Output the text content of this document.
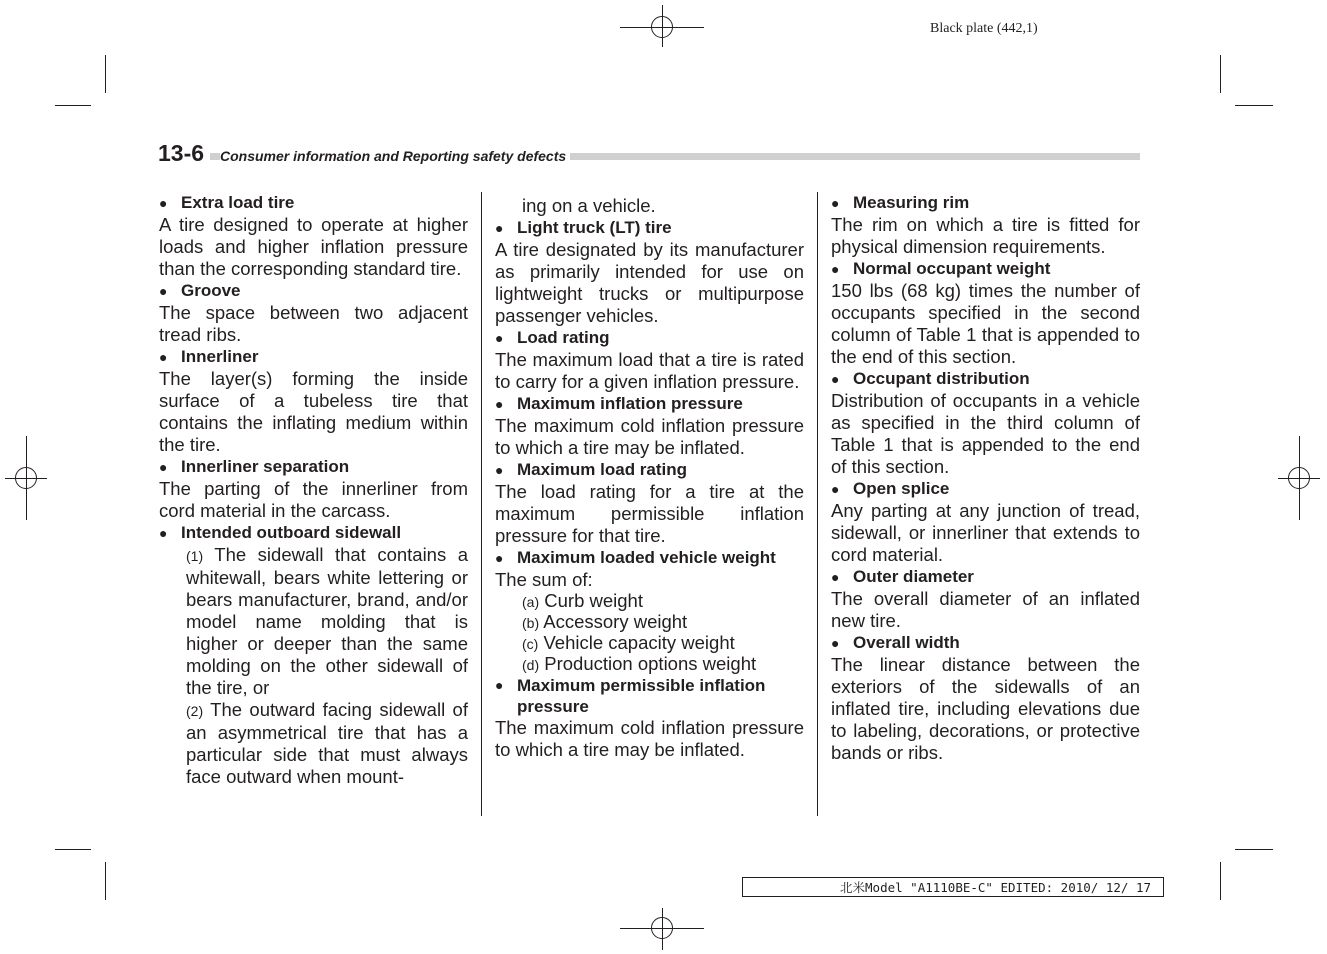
Black plate (442,1)
13-6	Consumer information and Reporting safety defects
● Extra load tire
A tire designed to operate at higher loads and higher inflation pressure than the corresponding standard tire.
● Groove
The space between two adjacent tread ribs.
● Innerliner
The layer(s) forming the inside surface of a tubeless tire that contains the inflating medium within the tire.
● Innerliner separation
The parting of the innerliner from cord material in the carcass.
● Intended outboard sidewall
(1) The sidewall that contains a whitewall, bears white lettering or bears manufacturer, brand, and/or model name molding that is higher or deeper than the same molding on the other sidewall of the tire, or
(2) The outward facing sidewall of an asymmetrical tire that has a particular side that must always face outward when mount-
ing on a vehicle.
● Light truck (LT) tire
A tire designated by its manufacturer as primarily intended for use on lightweight trucks or multipurpose passenger vehicles.
● Load rating
The maximum load that a tire is rated to carry for a given inflation pressure.
● Maximum inflation pressure
The maximum cold inflation pressure to which a tire may be inflated.
● Maximum load rating
The load rating for a tire at the maximum permissible inflation pressure for that tire.
● Maximum loaded vehicle weight
The sum of:
(a) Curb weight
(b) Accessory weight
(c) Vehicle capacity weight
(d) Production options weight
● Maximum permissible inflation pressure
The maximum cold inflation pressure to which a tire may be inflated.
● Measuring rim
The rim on which a tire is fitted for physical dimension requirements.
● Normal occupant weight
150 lbs (68 kg) times the number of occupants specified in the second column of Table 1 that is appended to the end of this section.
● Occupant distribution
Distribution of occupants in a vehicle as specified in the third column of Table 1 that is appended to the end of this section.
● Open splice
Any parting at any junction of tread, sidewall, or innerliner that extends to cord material.
● Outer diameter
The overall diameter of an inflated new tire.
● Overall width
The linear distance between the exteriors of the sidewalls of an inflated tire, including elevations due to labeling, decorations, or protective bands or ribs.
北米Model "A1110BE-C" EDITED: 2010/ 12/ 17
